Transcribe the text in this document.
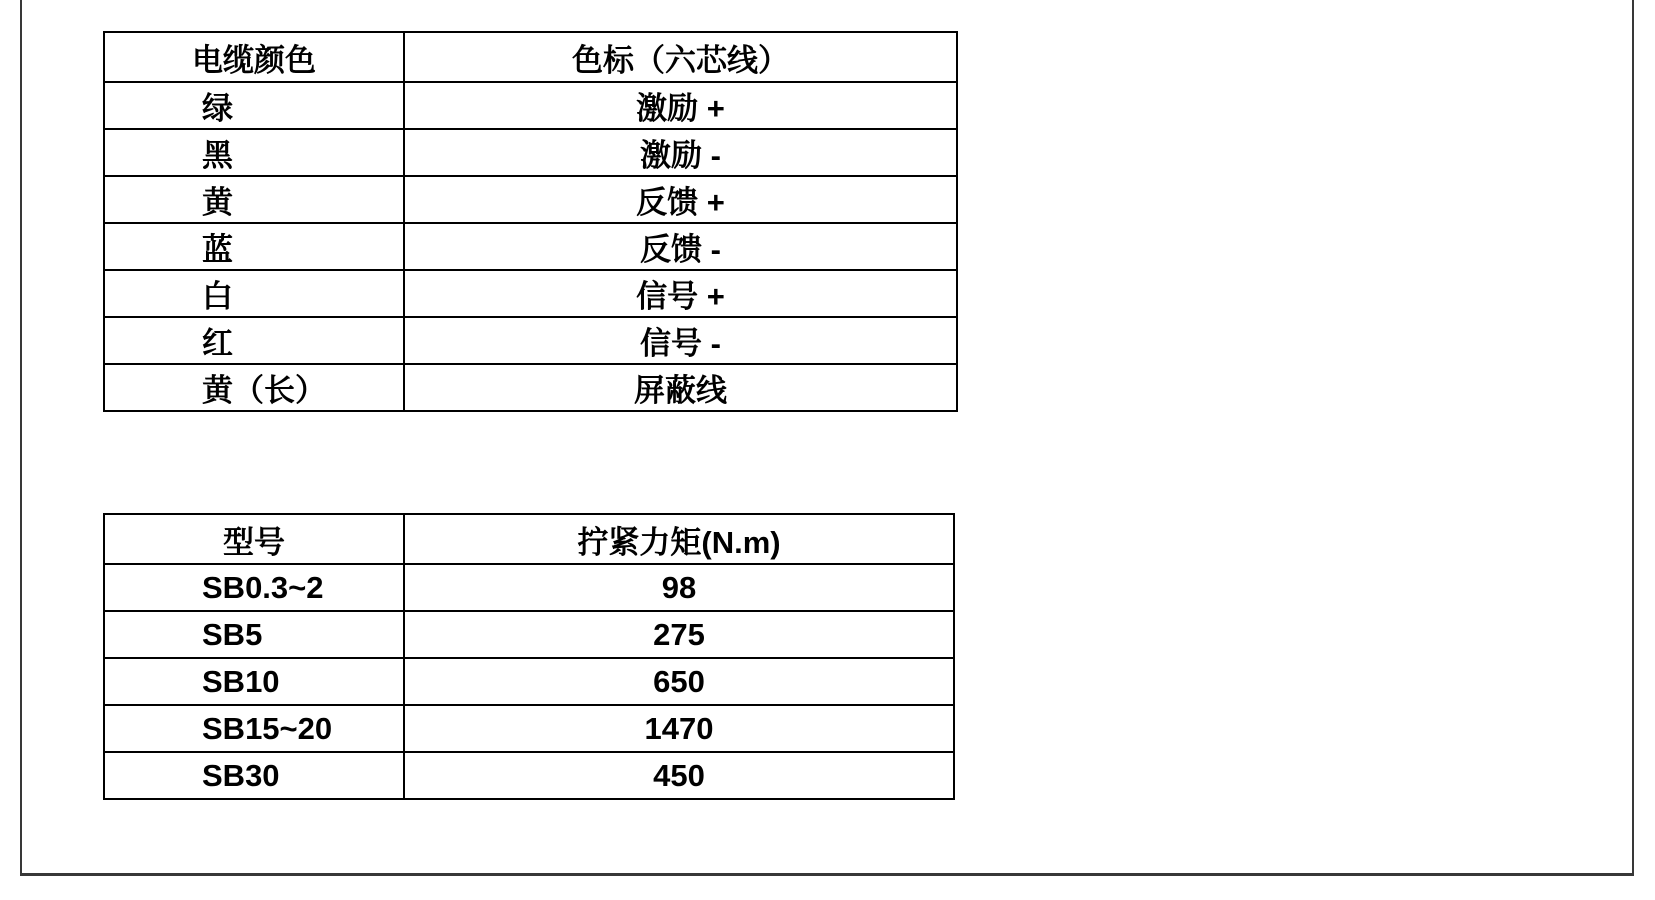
电缆颜色	色标（六芯线）
绿	激励 +
黑	激励 -
黄	反馈 +
蓝	反馈 -
白	信号 +
红	信号 -
黄（长）	屏蔽线
型号	拧紧力矩(N.m)
SB0.3~2	98
SB5	275
SB10	650
SB15~20	1470
SB30	450
